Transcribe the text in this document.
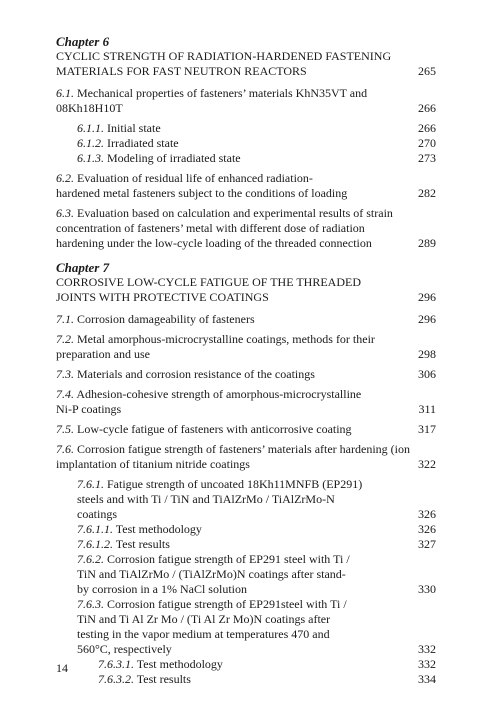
Chapter 6
CYCLIC STRENGTH OF RADIATION-HARDENED FASTENING
MATERIALS FOR FAST NEUTRON REACTORS	265
6.1. Mechanical properties of fasteners’ materials KhN35VT and 08Kh18H10T	266
6.1.1. Initial state	266
6.1.2. Irradiated state	270
6.1.3. Modeling of irradiated state	273
6.2. Evaluation of residual life of enhanced radiation-hardened metal fasteners subject to the conditions of loading	282
6.3. Evaluation based on calculation and experimental results of strain concentration of fasteners’ metal with different dose of radiation hardening under the low-cycle loading of the threaded connection	289
Chapter 7
CORROSIVE LOW-CYCLE FATIGUE OF THE THREADED
JOINTS WITH PROTECTIVE COATINGS	296
7.1. Corrosion damageability of fasteners	296
7.2. Metal amorphous-microcrystalline coatings, methods for their preparation and use	298
7.3. Materials and corrosion resistance of the coatings	306
7.4. Adhesion-cohesive strength of amorphous-microcrystalline Ni-P coatings	311
7.5. Low-cycle fatigue of fasteners with anticorrosive coating	317
7.6. Corrosion fatigue strength of fasteners’ materials after hardening (ion implantation of titanium nitride coatings	322
7.6.1. Fatigue strength of uncoated 18Kh11MNFB (EP291) steels and with Ti / TiN and TiAlZrMo / TiAlZrMo-N coatings	326
7.6.1.1. Test methodology	326
7.6.1.2. Test results	327
7.6.2. Corrosion fatigue strength of EP291 steel with Ti / TiN and TiAlZrMo / (TiAlZrMo)N coatings after stand-by corrosion in a 1% NaCl solution	330
7.6.3. Corrosion fatigue strength of EP291steel with Ti / TiN and Ti Al Zr Mo / (Ti Al Zr Mo)N coatings after testing in the vapor medium at temperatures 470 and 560°C, respectively	332
7.6.3.1. Test methodology	332
7.6.3.2. Test results	334
14
